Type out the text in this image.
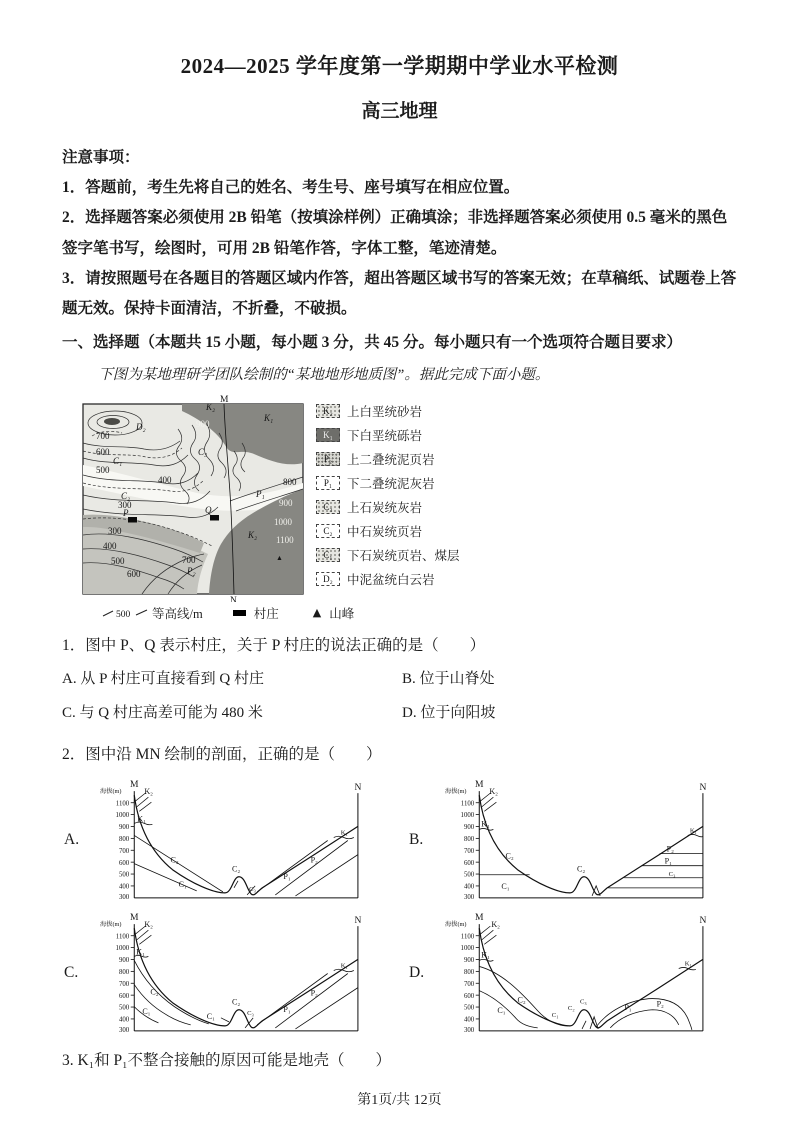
2024—2025 学年度第一学期期中学业水平检测
高三地理

注意事项：

1．答题前，考生先将自己的姓名、考生号、座号填写在相应位置。

2．选择题答案必须使用 2B 铅笔（按填涂样例）正确填涂；非选择题答案必须使用 0.5 毫米的黑色签字笔书写，绘图时，可用 2B 铅笔作答，字体工整，笔迹清楚。

3．请按照题号在各题目的答题区域内作答，超出答题区域书写的答案无效；在草稿纸、试题卷上答题无效。保持卡面清洁，不折叠，不破损。

一、选择题（本题共 15 小题，每小题 3 分，共 45 分。每小题只有一个选项符合题目要求）
下图为某地理研学团队绘制的“某地地形地质图”。据此完成下面小题。
M
N
700
600
500
400
300
900
800
900
1000
1100
300
400
500
600
700
D₂
C₁
C₂
C₃
P₁
P₂
K₁
K₂
K₂
P	Q
▲
K₂ 上白垩统砂岩
K₁ 下白垩统砾岩
P₂ 上二叠统泥页岩
P₁ 下二叠统泥灰岩
C₃ 上石炭统灰岩
C₂ 中石炭统页岩
C₁ 下石炭统页岩、煤层
D₂ 中泥盆统白云岩
500 等高线/m	村庄	▲ 山峰
1．图中 P、Q 表示村庄，关于 P 村庄的说法正确的是（　　）
A. 从 P 村庄可直接看到 Q 村庄	B. 位于山脊处
C. 与 Q 村庄高差可能为 480 米	D. 位于向阳坡
2．图中沿 MN 绘制的剖面，正确的是（　　）
A.
海拔(m)
M	N
1100
1000
900
800
700
600
500
400
300
K₂
K₁
C₂
C₁
C₂
C₃
P₁
P₂
K₁	B.
海拔(m)
M	N
1100
1000
900
800
700
600
500
400
300
K₂
K₁
C₂
C₁
C₂
P₂
P₁
C₃
K₁
C.
海拔(m)
M	N
1100
1000
900
800
700
600
500
400
300
K₂
K₁
C₂
C₁
C₁
C₂
C₃	P₁
P₂
K₁	D.
海拔(m)
M	N
1100
1000
900
800
700
600
500
400
300
K₂
K₁
C₂
C₁
C₁
C₂
C₃
P₁	P₂
K₁
3. K₁和 P₁不整合接触的原因可能是地壳（　　）
第1页/共 12页
